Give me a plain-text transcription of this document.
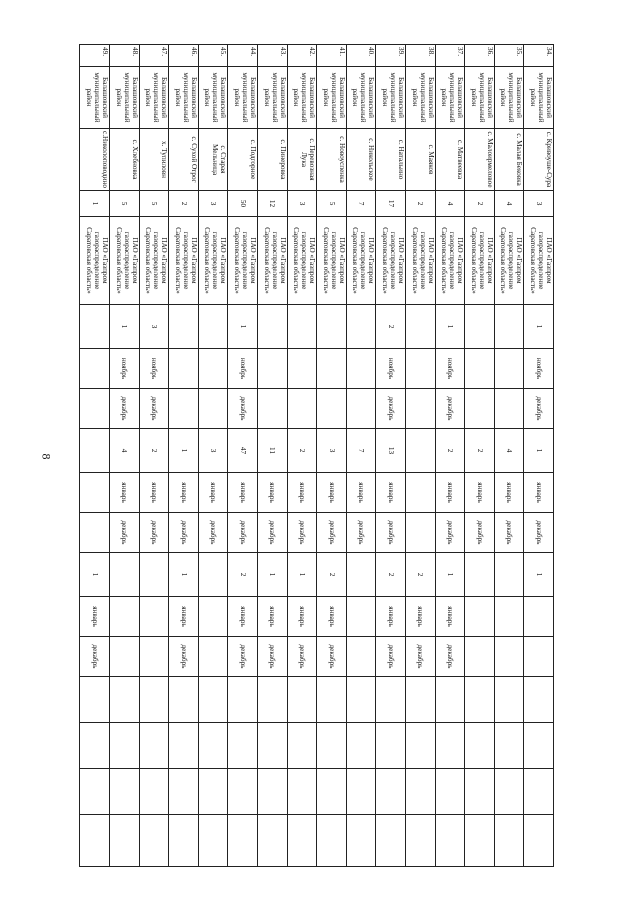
8
34.	Балашовский муниципальный район	с. Кривоуше-Сура	3	ПАО «Газпром газораспределение Саратовская область»	1	ноябрь	декабрь	1	январь	декабрь	1						
35.	Балашовский муниципальный район	с. Малая Бековка	4	ПАО «Газпром газораспределение Саратовская область»				4	январь	декабрь							
36.	Балашовский муниципальный район	с. Малоирмеловое	2	ПАО «Газпром газораспределение Саратовская область»				2	январь	декабрь							
37.	Балашовский муниципальный район	с. Матвеевка	4	ПАО «Газпром газораспределение Саратовская область»	1	ноябрь	декабрь	2	январь	декабрь	1	январь	декабрь				
38.	Балашовский муниципальный район	с. Маяков	2	ПАО «Газпром газораспределение Саратовская область»							2	январь	декабрь				
39.	Балашовский муниципальный район	с. Натальино	17	ПАО «Газпром газораспределение Саратовская область»	2	ноябрь	декабрь	13	январь	декабрь	2	январь	декабрь				
40.	Балашовский муниципальный район	с. Никольское	7	ПАО «Газпром газораспределение Саратовская область»				7	январь	декабрь							
41.	Балашовский муниципальный район	с. Новоуспенка	5	ПАО «Газпром газораспределение Саратовская область»				3	январь	декабрь	2	январь	декабрь				
42.	Балашовский муниципальный район	с. Перевозная Лука	3	ПАО «Газпром газораспределение Саратовская область»				2	январь	декабрь	1	январь	декабрь				
43.	Балашовский муниципальный район	с. Пинеровка	12	ПАО «Газпром газораспределение Саратовская область»				11	январь	декабрь	1	январь	декабрь				
44.	Балашовский муниципальный район	с. Подгорное	50	ПАО «Газпром газораспределение Саратовская область»	1	ноябрь	декабрь	47	январь	декабрь	2	январь	декабрь				
45.	Балашовский муниципальный район	с. Старая Мельница	3	ПАО «Газпром газораспределение Саратовская область»				3	январь	декабрь							
46.	Балашовский муниципальный район	с. Сухой Отрог	2	ПАО «Газпром газораспределение Саратовская область»				1	январь	декабрь	1	январь	декабрь				
47.	Балашовский муниципальный район	х. Тупиловн	5	ПАО «Газпром газораспределение Саратовская область»	3	ноябрь	декабрь	2	январь	декабрь							
48.	Балашовский муниципальный район	с. Хлебновка	5	ПАО «Газпром газораспределение Саратовская область»	1	ноябрь	декабрь	4	январь	декабрь							
49.	Балашовский муниципальный район	с.Николоповодино	1	ПАО «Газпром газораспределение Саратовская область»							1	январь	декабрь				
